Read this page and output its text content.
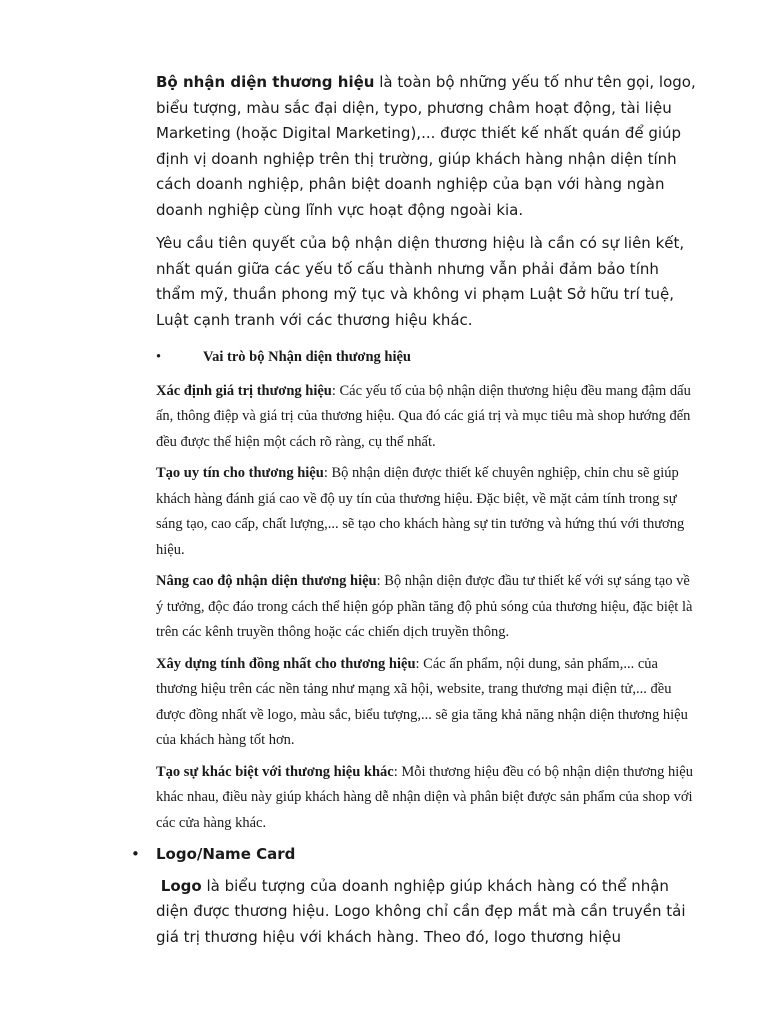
Bộ nhận diện thương hiệu là toàn bộ những yếu tố như tên gọi, logo, biểu tượng, màu sắc đại diện, typo, phương châm hoạt động, tài liệu Marketing (hoặc Digital Marketing),... được thiết kế nhất quán để giúp định vị doanh nghiệp trên thị trường, giúp khách hàng nhận diện tính cách doanh nghiệp, phân biệt doanh nghiệp của bạn với hàng ngàn doanh nghiệp cùng lĩnh vực hoạt động ngoài kia.

Yêu cầu tiên quyết của bộ nhận diện thương hiệu là cần có sự liên kết, nhất quán giữa các yếu tố cấu thành nhưng vẫn phải đảm bảo tính thẩm mỹ, thuần phong mỹ tục và không vi phạm Luật Sở hữu trí tuệ, Luật cạnh tranh với các thương hiệu khác.

•	Vai trò bộ Nhận diện thương hiệu

Xác định giá trị thương hiệu: Các yếu tố của bộ nhận diện thương hiệu đều mang đậm dấu ấn, thông điệp và giá trị của thương hiệu. Qua đó các giá trị và mục tiêu mà shop hướng đến đều được thể hiện một cách rõ ràng, cụ thể nhất.

Tạo uy tín cho thương hiệu: Bộ nhận diện được thiết kế chuyên nghiệp, chỉn chu sẽ giúp khách hàng đánh giá cao về độ uy tín của thương hiệu. Đặc biệt, về mặt cảm tính trong sự sáng tạo, cao cấp, chất lượng,... sẽ tạo cho khách hàng sự tin tưởng và hứng thú với thương hiệu.

Nâng cao độ nhận diện thương hiệu: Bộ nhận diện được đầu tư thiết kế với sự sáng tạo về ý tưởng, độc đáo trong cách thể hiện góp phần tăng độ phủ sóng của thương hiệu, đặc biệt là trên các kênh truyền thông hoặc các chiến dịch truyền thông.

Xây dựng tính đồng nhất cho thương hiệu: Các ấn phẩm, nội dung, sản phẩm,... của thương hiệu trên các nền tảng như mạng xã hội, website, trang thương mại điện tử,... đều được đồng nhất về logo, màu sắc, biểu tượng,... sẽ gia tăng khả năng nhận diện thương hiệu của khách hàng tốt hơn.

Tạo sự khác biệt với thương hiệu khác: Mỗi thương hiệu đều có bộ nhận diện thương hiệu khác nhau, điều này giúp khách hàng dễ nhận diện và phân biệt được sản phẩm của shop với các cửa hàng khác.

• Logo/Name Card

Logo là biểu tượng của doanh nghiệp giúp khách hàng có thể nhận diện được thương hiệu. Logo không chỉ cần đẹp mắt mà cần truyền tải giá trị thương hiệu với khách hàng. Theo đó, logo thương hiệu
